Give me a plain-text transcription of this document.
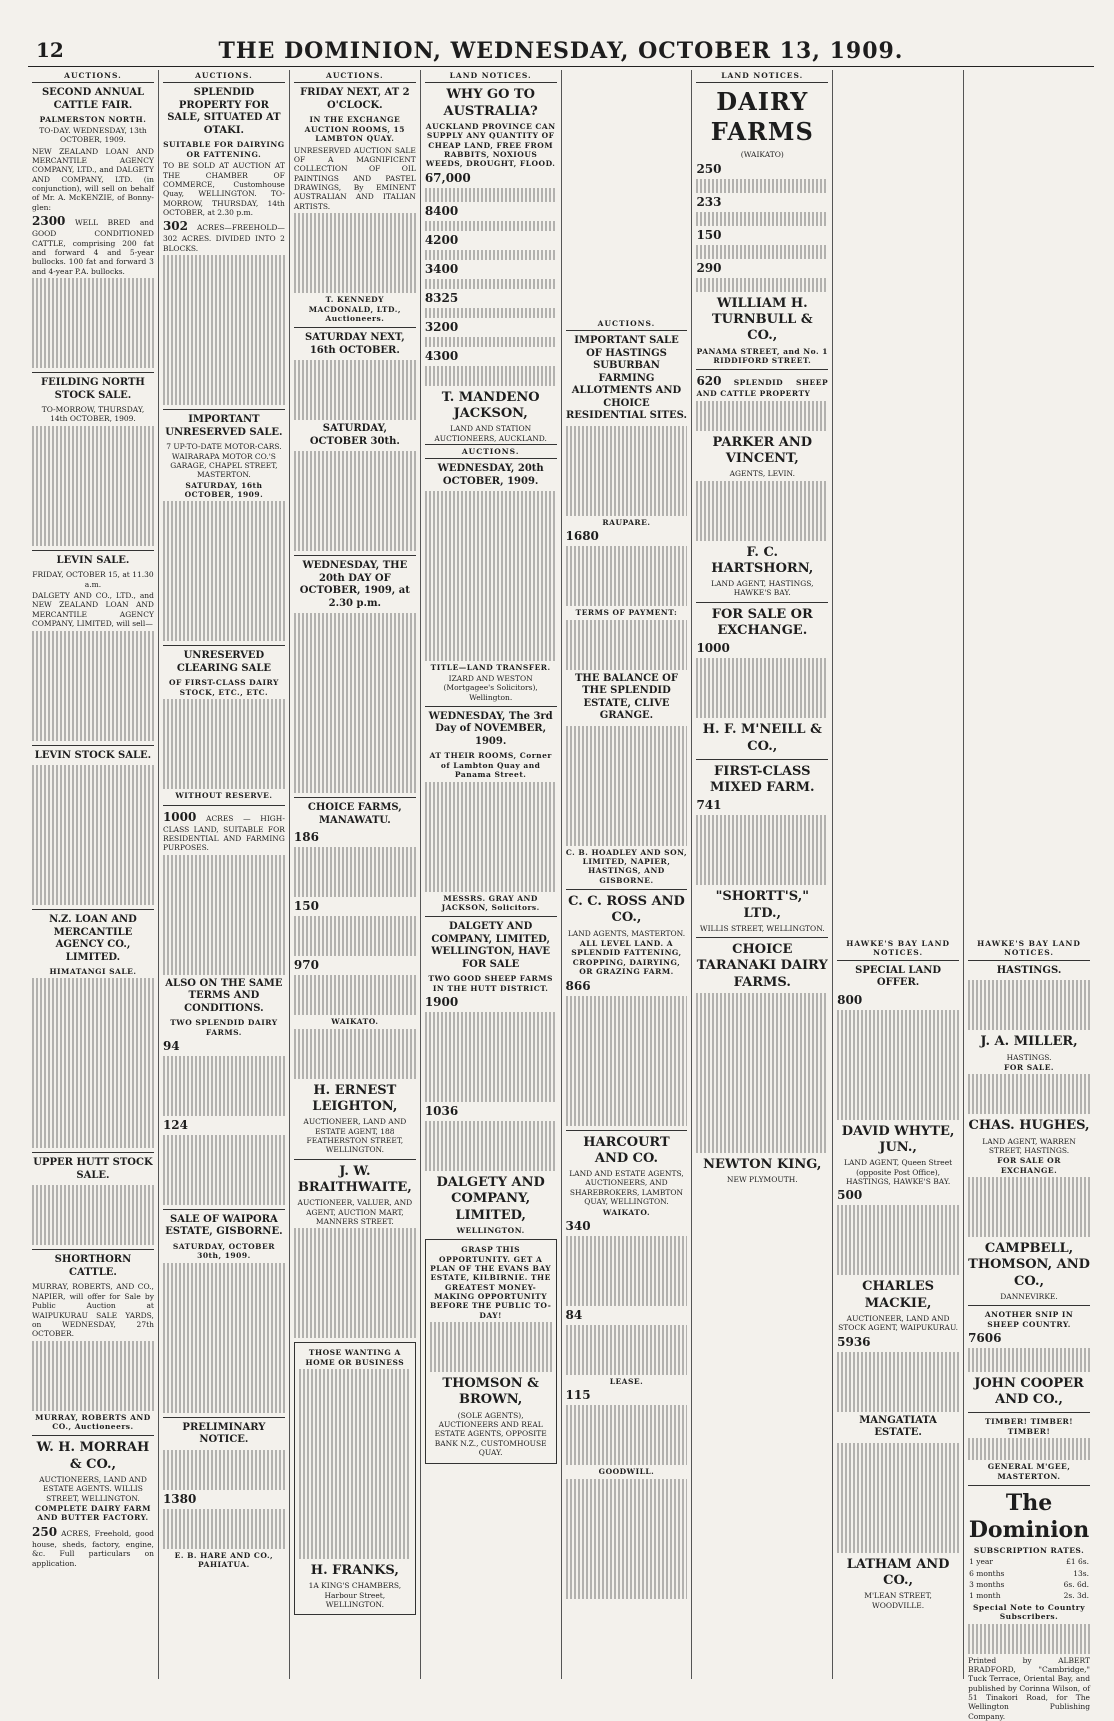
12	THE DOMINION, WEDNESDAY, OCTOBER 13, 1909.
AUCTIONS.
SECOND ANNUAL CATTLE FAIR.
PALMERSTON NORTH.
TO-DAY. WEDNESDAY, 13th OCTOBER, 1909.
NEW ZEALAND LOAN AND MERCANTILE AGENCY COMPANY, LTD., and DALGETY AND COMPANY, LTD. (in conjunction), will sell on behalf of Mr. A. McKENZIE, of Bonny-glen:
2300 WELL BRED and GOOD CONDITIONED CATTLE, comprising 200 fat and forward 4 and 5-year bullocks. 100 fat and forward 3 and 4-year P.A. bullocks.
FEILDING NORTH STOCK SALE.
TO-MORROW, THURSDAY, 14th OCTOBER, 1909.
LEVIN SALE.
FRIDAY, OCTOBER 15, at 11.30 a.m.
DALGETY AND CO., LTD., and NEW ZEALAND LOAN AND MERCANTILE AGENCY COMPANY, LIMITED, will sell—
LEVIN STOCK SALE.
N.Z. LOAN AND MERCANTILE AGENCY CO., LIMITED.
HIMATANGI SALE.
UPPER HUTT STOCK SALE.
SHORTHORN CATTLE.
MURRAY, ROBERTS, AND CO., NAPIER, will offer for Sale by Public Auction at WAIPUKURAU SALE YARDS, on WEDNESDAY, 27th OCTOBER.
MURRAY, ROBERTS AND CO., Auctioneers.
W. H. MORRAH & CO.,
AUCTIONEERS, LAND AND ESTATE AGENTS. WILLIS STREET, WELLINGTON.
COMPLETE DAIRY FARM AND BUTTER FACTORY.
250 ACRES, Freehold, good house, sheds, factory, engine, &c. Full particulars on application.
AUCTIONS.
SPLENDID PROPERTY FOR SALE, SITUATED AT OTAKI.
SUITABLE FOR DAIRYING OR FATTENING.
TO BE SOLD AT AUCTION AT THE CHAMBER OF COMMERCE, Customhouse Quay, WELLINGTON. TO-MORROW, THURSDAY, 14th OCTOBER, at 2.30 p.m.
302 ACRES—FREEHOLD—302 ACRES. DIVIDED INTO 2 BLOCKS.
IMPORTANT UNRESERVED SALE.
7 UP-TO-DATE MOTOR-CARS. WAIRARAPA MOTOR CO.'S GARAGE, CHAPEL STREET, MASTERTON.
SATURDAY, 16th OCTOBER, 1909.
UNRESERVED CLEARING SALE
OF FIRST-CLASS DAIRY STOCK, ETC., ETC.
WITHOUT RESERVE.
1000 ACRES — HIGH-CLASS LAND, SUITABLE FOR RESIDENTIAL AND FARMING PURPOSES.
ALSO ON THE SAME TERMS AND CONDITIONS.
TWO SPLENDID DAIRY FARMS.
94
124
SALE OF WAIPORA ESTATE, GISBORNE.
SATURDAY, OCTOBER 30th, 1909.
PRELIMINARY NOTICE.
1380
E. B. HARE AND CO., PAHIATUA.
AUCTIONS.
FRIDAY NEXT, AT 2 O'CLOCK.
IN THE EXCHANGE AUCTION ROOMS, 15 LAMBTON QUAY.
UNRESERVED AUCTION SALE OF A MAGNIFICENT COLLECTION OF OIL PAINTINGS AND PASTEL DRAWINGS, By EMINENT AUSTRALIAN AND ITALIAN ARTISTS.
T. KENNEDY MACDONALD, LTD., Auctioneers.
SATURDAY NEXT, 16th OCTOBER.
SATURDAY, OCTOBER 30th.
WEDNESDAY, THE 20th DAY OF OCTOBER, 1909, at 2.30 p.m.
CHOICE FARMS, MANAWATU.
186
150
970
WAIKATO.
H. ERNEST LEIGHTON,
AUCTIONEER, LAND AND ESTATE AGENT, 188 FEATHERSTON STREET, WELLINGTON.
J. W. BRAITHWAITE,
AUCTIONEER, VALUER, AND AGENT, AUCTION MART, MANNERS STREET.
THOSE WANTING A HOME OR BUSINESS
H. FRANKS,
1A KING'S CHAMBERS, Harbour Street, WELLINGTON.
LAND NOTICES.
WHY GO TO AUSTRALIA?
AUCKLAND PROVINCE CAN SUPPLY ANY QUANTITY OF CHEAP LAND, FREE FROM RABBITS, NOXIOUS WEEDS, DROUGHT, FLOOD.
67,000
8400
4200
3400
8325
3200
4300
T. MANDENO JACKSON,
LAND AND STATION AUCTIONEERS, AUCKLAND.
AUCTIONS.
WEDNESDAY, 20th OCTOBER, 1909.
TITLE—LAND TRANSFER.
IZARD AND WESTON (Mortgagee's Solicitors), Wellington.
WEDNESDAY, The 3rd Day of NOVEMBER, 1909.
AT THEIR ROOMS, Corner of Lambton Quay and Panama Street.
MESSRS. GRAY AND JACKSON, Solicitors.
DALGETY AND COMPANY, LIMITED, WELLINGTON, HAVE FOR SALE
TWO GOOD SHEEP FARMS IN THE HUTT DISTRICT.
1900
1036
DALGETY AND COMPANY, LIMITED,
WELLINGTON.
GRASP THIS OPPORTUNITY. GET A PLAN OF THE EVANS BAY ESTATE, KILBIRNIE. THE GREATEST MONEY-MAKING OPPORTUNITY BEFORE THE PUBLIC TO-DAY!
THOMSON & BROWN,
(SOLE AGENTS), AUCTIONEERS AND REAL ESTATE AGENTS, OPPOSITE BANK N.Z., CUSTOMHOUSE QUAY.
AUCTIONS.
IMPORTANT SALE OF HASTINGS SUBURBAN FARMING ALLOTMENTS AND CHOICE RESIDENTIAL SITES.
RAUPARE.
1680
TERMS OF PAYMENT:
THE BALANCE OF THE SPLENDID ESTATE, CLIVE GRANGE.
C. B. HOADLEY AND SON, LIMITED, NAPIER, HASTINGS, AND GISBORNE.
C. C. ROSS AND CO.,
LAND AGENTS, MASTERTON.
ALL LEVEL LAND. A SPLENDID FATTENING, CROPPING, DAIRYING, OR GRAZING FARM.
866
HARCOURT AND CO.
LAND AND ESTATE AGENTS, AUCTIONEERS, AND SHAREBROKERS, LAMBTON QUAY, WELLINGTON.
WAIKATO.
340
84
LEASE.
115
GOODWILL.
LAND NOTICES.
DAIRY FARMS
(WAIKATO)
250
233
150
290
WILLIAM H. TURNBULL & CO.,
PANAMA STREET, and No. 1 RIDDIFORD STREET.
620 SPLENDID SHEEP AND CATTLE PROPERTY
PARKER AND VINCENT,
AGENTS, LEVIN.
F. C. HARTSHORN,
LAND AGENT, HASTINGS, HAWKE'S BAY.
FOR SALE OR EXCHANGE.
1000
H. F. M'NEILL & CO.,
FIRST-CLASS MIXED FARM.
741
"SHORTT'S," LTD.,
WILLIS STREET, WELLINGTON.
CHOICE TARANAKI DAIRY FARMS.
NEWTON KING,
NEW PLYMOUTH.
HAWKE'S BAY LAND NOTICES.
SPECIAL LAND OFFER.
800
DAVID WHYTE, JUN.,
LAND AGENT, Queen Street (opposite Post Office), HASTINGS, HAWKE'S BAY.
500
CHARLES MACKIE,
AUCTIONEER, LAND AND STOCK AGENT, WAIPUKURAU.
5936
MANGATIATA ESTATE.
LATHAM AND CO.,
M'LEAN STREET, WOODVILLE.
HAWKE'S BAY LAND NOTICES.
HASTINGS.
J. A. MILLER,
HASTINGS.
FOR SALE.
CHAS. HUGHES,
LAND AGENT, WARREN STREET, HASTINGS.
FOR SALE OR EXCHANGE.
CAMPBELL, THOMSON, AND CO.,
DANNEVIRKE.
ANOTHER SNIP IN SHEEP COUNTRY.
7606
JOHN COOPER AND CO.,
TIMBER! TIMBER! TIMBER!
GENERAL M'GEE, MASTERTON.
The Dominion
SUBSCRIPTION RATES.
1 year	£1 6s.
6 months	13s.
3 months	6s. 6d.
1 month	2s. 3d.
Special Note to Country Subscribers.
Printed by ALBERT BRADFORD, "Cambridge," Tuck Terrace, Oriental Bay, and published by Corinna Wilson, of 51 Tinakori Road, for The Wellington Publishing Company.
